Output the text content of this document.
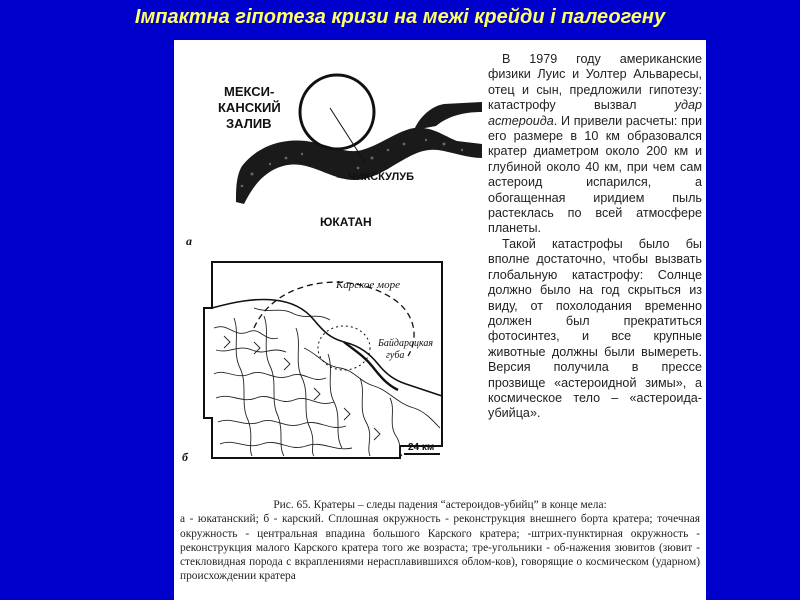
Імпактна гіпотеза кризи на межі крейди і палеогену
МЕКСИ-
КАНСКИЙ
ЗАЛИВ
ЧИКСКУЛУБ
ЮКАТАН
а
Карское море
Байдарацкая
губа
24 км
б

В 1979 году американские физики Луис и Уолтер Альваресы, отец и сын, предложили гипотезу: катастрофу вызвал удар астероида. И привели расчеты: при его размере в 10 км образовался кратер диаметром около 200 км и глубиной около 40 км, при чем сам астероид испарился, а обогащенная иридием пыль растеклась по всей атмосфере планеты.

Такой катастрофы было бы вполне достаточно, чтобы вызвать глобальную катастрофу: Солнце должно было на год скрыться из виду, от похолодания временно должен был прекратиться фотосинтез, и все крупные животные должны были вымереть. Версия получила в прессе прозвище «астероидной зимы», а космическое тело – «астероида-убийца».

Рис. 65. Кратеры – следы падения “астероидов-убийц” в конце мела:
а - юкатанский; б - карский. Сплошная окружность - реконструкция внешнего борта кратера; точечная окружность - центральная впадина большого Карского кратера; -штрих-пунктирная окружность - реконструкция малого Карского кратера того же возраста; тре-угольники - об-нажения зювитов (зювит - стекловидная порода с вкраплениями нерасплавившихся облом-ков), говорящие о космическом (ударном) происхождении кратера
